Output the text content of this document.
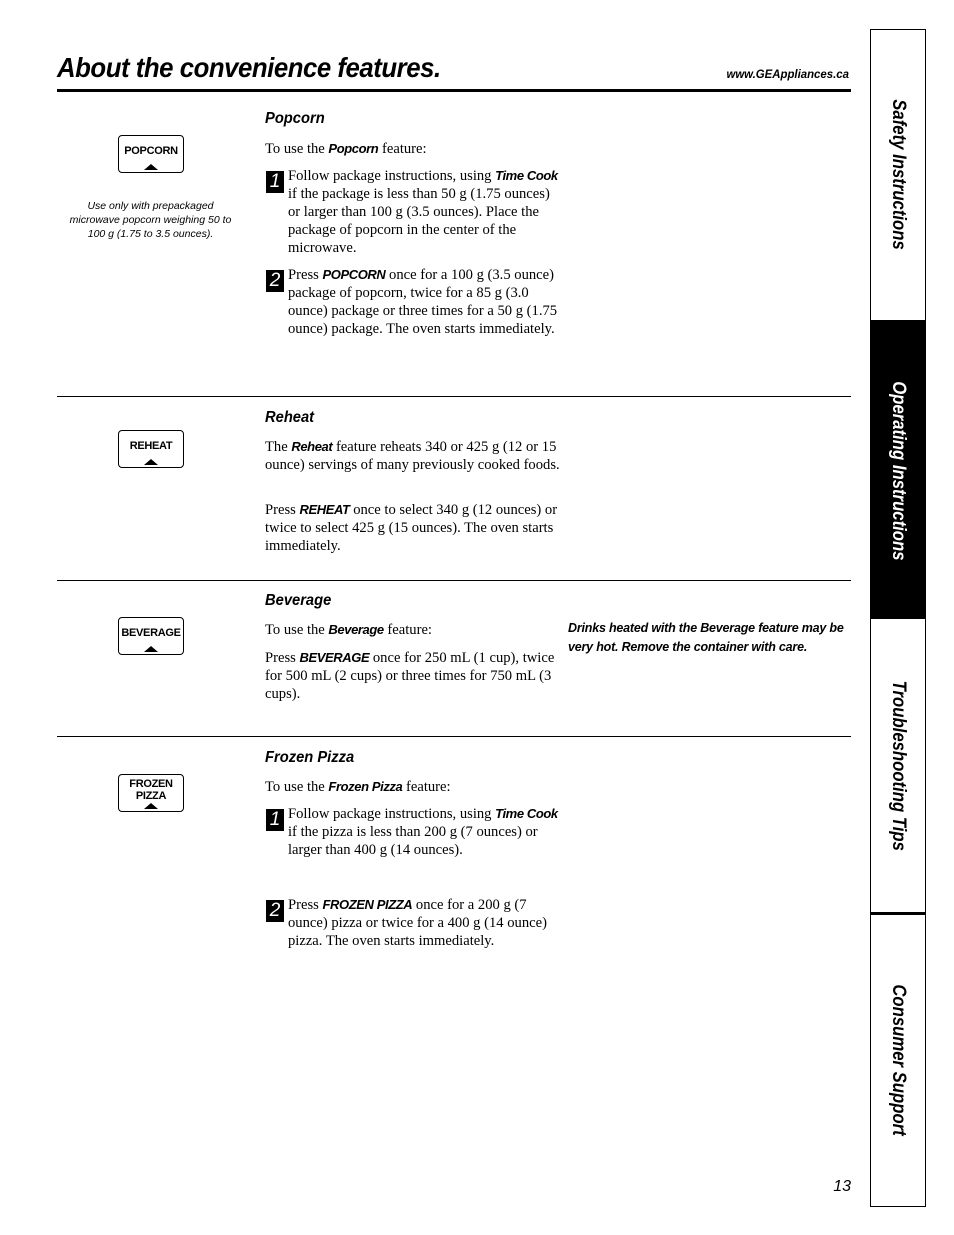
About the convenience features.	www.GEAppliances.ca
POPCORN
Use only with prepackaged microwave popcorn weighing 50 to 100 g (1.75 to 3.5 ounces).
Popcorn

To use the Popcorn feature:

1 Follow package instructions, using Time Cook if the package is less than 50 g (1.75 ounces) or larger than 100 g (3.5 ounces). Place the package of popcorn in the center of the microwave.
2 Press POPCORN once for a 100 g (3.5 ounce) package of popcorn, twice for a 85 g (3.0 ounce) package or three times for a 50 g (1.75 ounce) package. The oven starts immediately.
REHEAT
Reheat

The Reheat feature reheats 340 or 425 g (12 or 15 ounce) servings of many previously cooked foods.

Press REHEAT once to select 340 g (12 ounces) or twice to select 425 g (15 ounces). The oven starts immediately.

BEVERAGE
Beverage

To use the Beverage feature:

Press BEVERAGE once for 250 mL (1 cup), twice for 500 mL (2 cups) or three times for 750 mL (3 cups).

Drinks heated with the Beverage feature may be very hot. Remove the container with care.

FROZEN
PIZZA
Frozen Pizza

To use the Frozen Pizza feature:

1 Follow package instructions, using Time Cook if the pizza is less than 200 g (7 ounces) or larger than 400 g (14 ounces).
2 Press FROZEN PIZZA once for a 200 g (7 ounce) pizza or twice for a 400 g (14 ounce) pizza. The oven starts immediately.
Safety Instructions
Operating Instructions
Troubleshooting Tips
Consumer Support
13
